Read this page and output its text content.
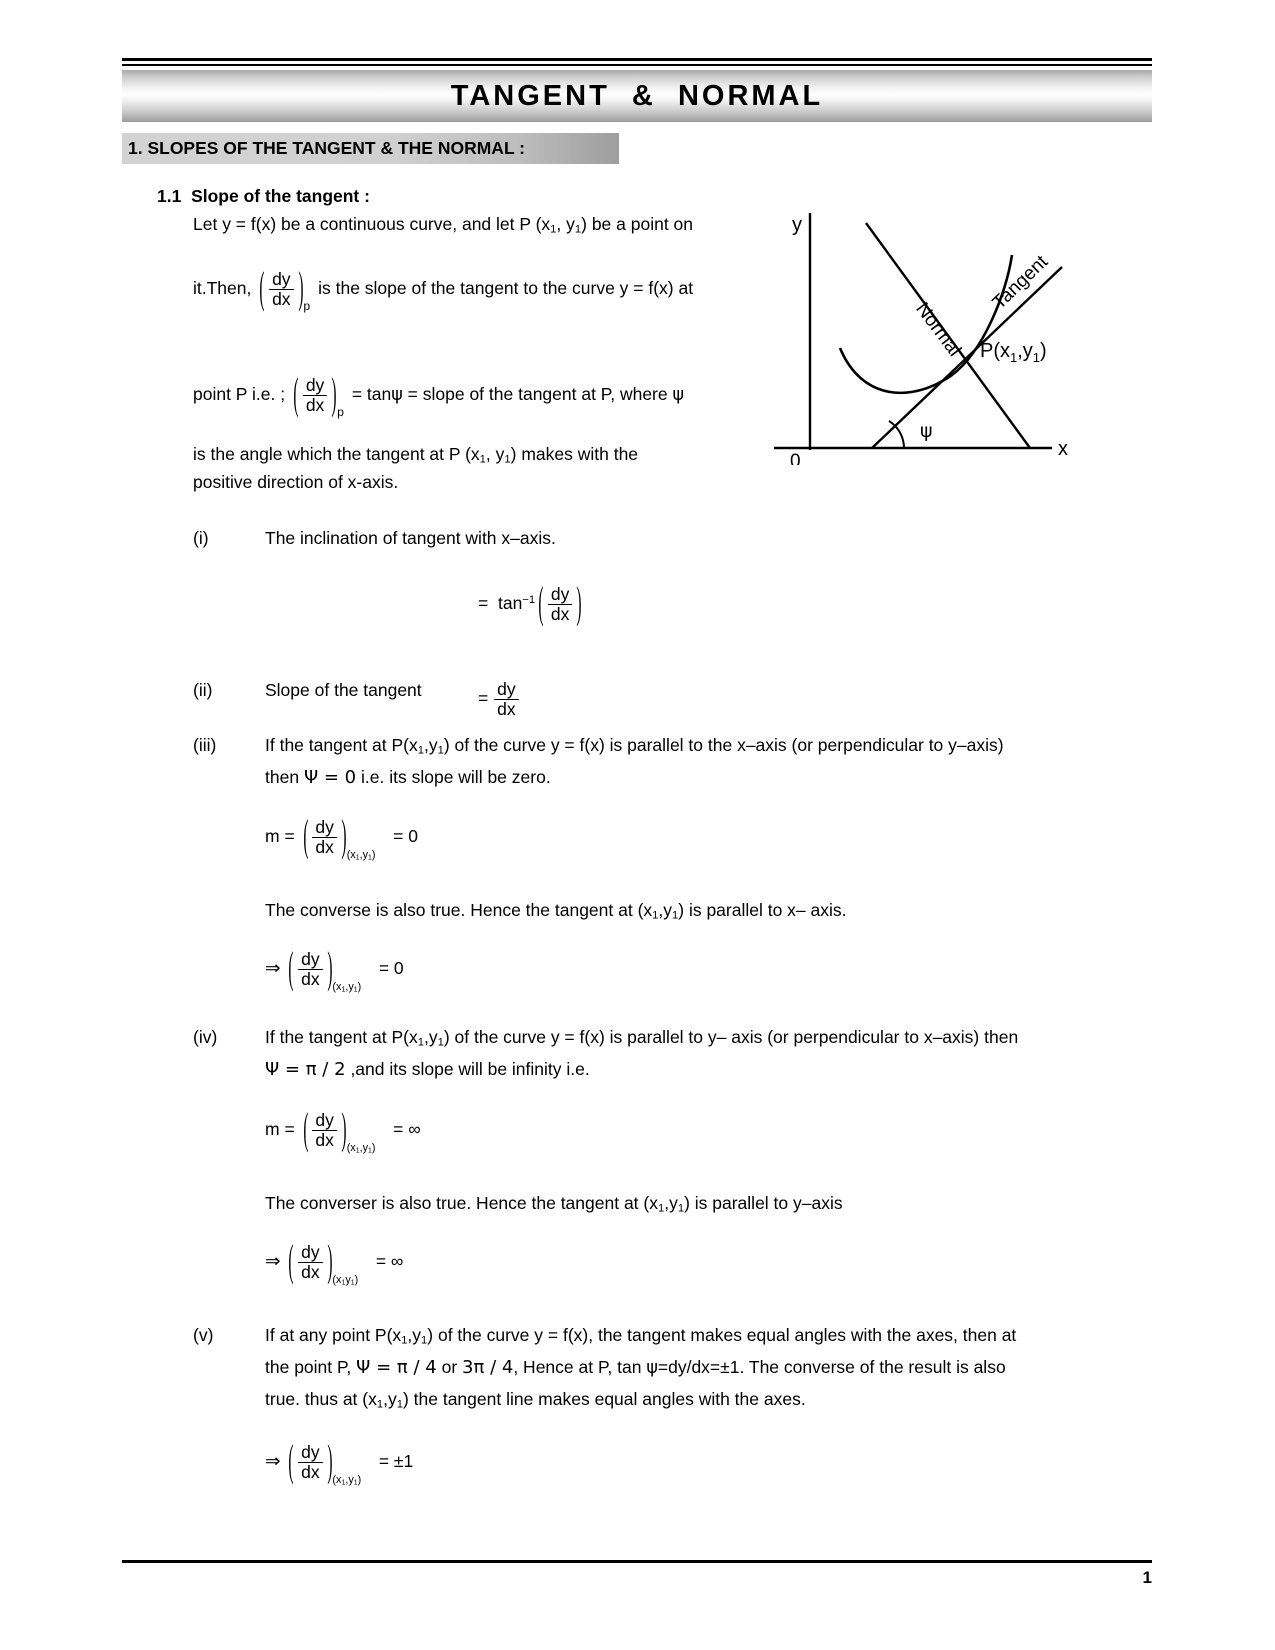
TANGENT  &  NORMAL
1. SLOPES OF THE TANGENT & THE NORMAL :
1.1 Slope of the tangent :
Let y = f(x) be a continuous curve, and let P ($x_1$, $y_1$) be a point on
it.Then, ( $\frac{dy}{dx} )p$ is the slope of the tangent to the curve y = f(x) at
point P i.e. ; ( $\frac{dy}{dx} )p = \tan\psi$ = slope of the tangent at P, where ψ
is the angle which the tangent at P ($x_1$, $y_1$) makes with the
positive direction of x-axis.
y
x
0
Normal
Tangent
ψ
$P(x_1,y_1)$
(i)	The inclination of tangent with x–axis.
= $\tan^{-1}$ ( $\frac{dy}{dx}$ )
(ii)	Slope of the tangent	= $\frac{dy}{dx}$
(iii)	If the tangent at $P(x_1,y_1)$ of the curve y = f(x) is parallel to the x–axis (or perpendicular to y–axis)
then Ψ = 0 i.e. its slope will be zero.
m = ( $\frac{dy}{dx} )(x_1,y_1) = 0$
The converse is also true. Hence the tangent at $(x_1,y_1)$ is parallel to x– axis.
⇒ ( $\frac{dy}{dx} )(x_1,y_1) = 0$
(iv)	If the tangent at $P(x_1,y_1)$ of the curve y = f(x) is parallel to y– axis (or perpendicular to x–axis) then
Ψ = π / 2 ,and its slope will be infinity i.e.
m = ( $\frac{dy}{dx} )(x_1,y_1)$   = ∞
The converser is also true. Hence the tangent at $(x_1,y_1)$ is parallel to y–axis
⇒ ( $\frac{dy}{dx} )(x_1y_1)$   = ∞
(v)	If at any point $P(x_1,y_1)$ of the curve y = f(x), the tangent makes equal angles with the axes, then at
the point P, Ψ = π / 4 or 3π / 4, Hence at P, tan ψ=dy/dx=±1. The converse of the result is also
true. thus at $(x_1,y_1)$ the tangent line makes equal angles with the axes.
⇒ ( $\frac{dy}{dx} )(x_1,y_1) = \pm 1$
1
